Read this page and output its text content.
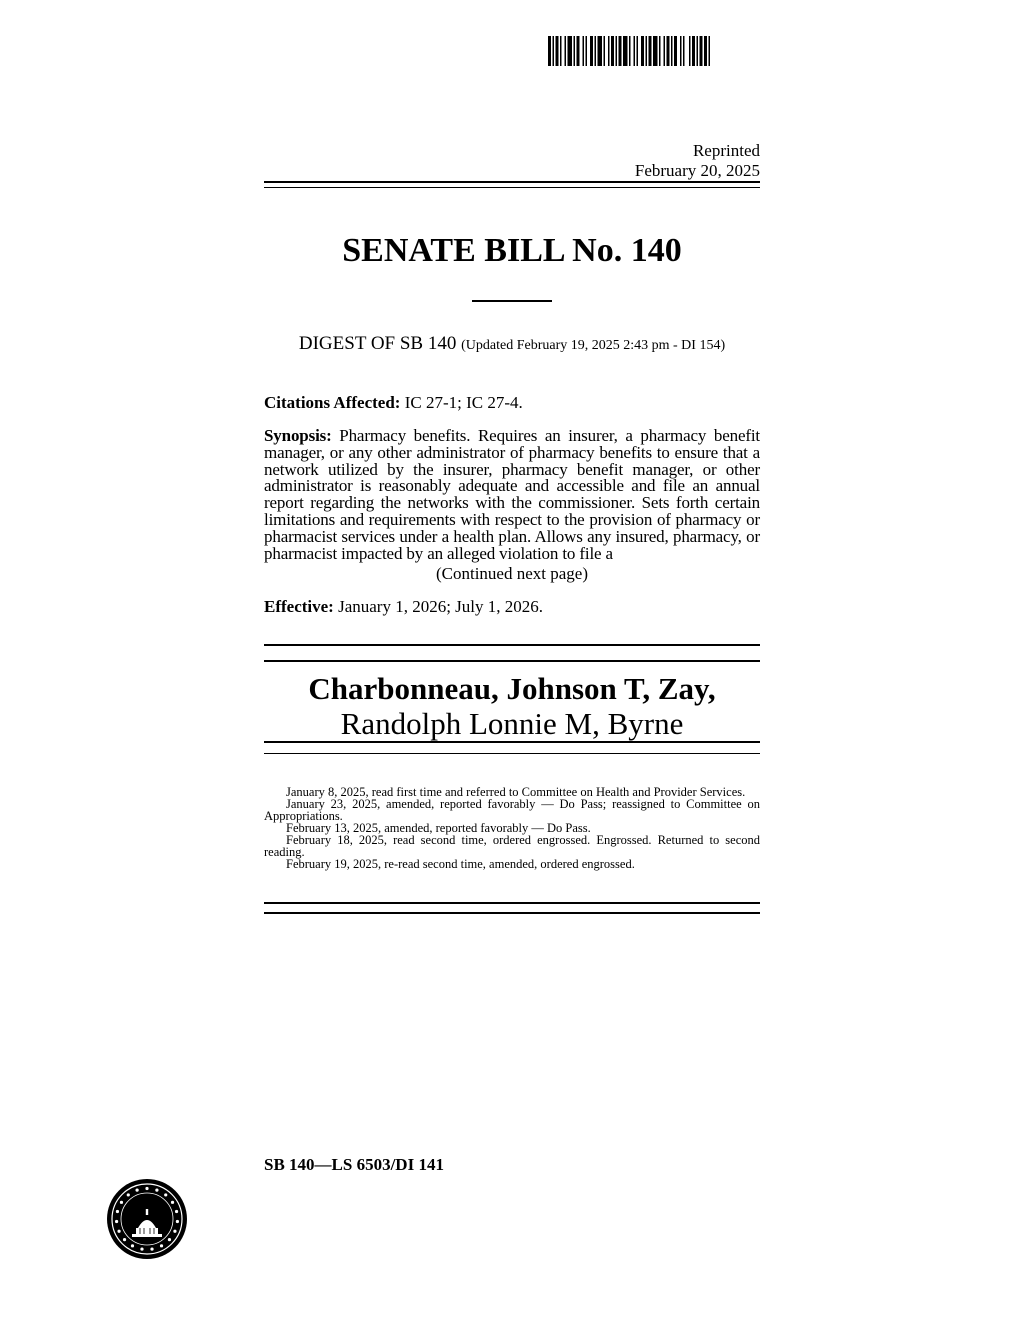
Reprinted
February 20, 2025
SENATE BILL No. 140
DIGEST OF SB 140 (Updated February 19, 2025 2:43 pm - DI 154)
Citations Affected: IC 27-1; IC 27-4.
Synopsis: Pharmacy benefits. Requires an insurer, a pharmacy benefit manager, or any other administrator of pharmacy benefits to ensure that a network utilized by the insurer, pharmacy benefit manager, or other administrator is reasonably adequate and accessible and file an annual report regarding the networks with the commissioner. Sets forth certain limitations and requirements with respect to the provision of pharmacy or pharmacist services under a health plan. Allows any insured, pharmacy, or pharmacist impacted by an alleged violation to file a
(Continued next page)
Effective: January 1, 2026; July 1, 2026.
Charbonneau, Johnson T, Zay,
Randolph Lonnie M, Byrne

January 8, 2025, read first time and referred to Committee on Health and Provider Services.

January 23, 2025, amended, reported favorably — Do Pass; reassigned to Committee on Appropriations.

February 13, 2025, amended, reported favorably — Do Pass.

February 18, 2025, read second time, ordered engrossed. Engrossed. Returned to second reading.

February 19, 2025, re-read second time, amended, ordered engrossed.

SB 140—LS 6503/DI 141
